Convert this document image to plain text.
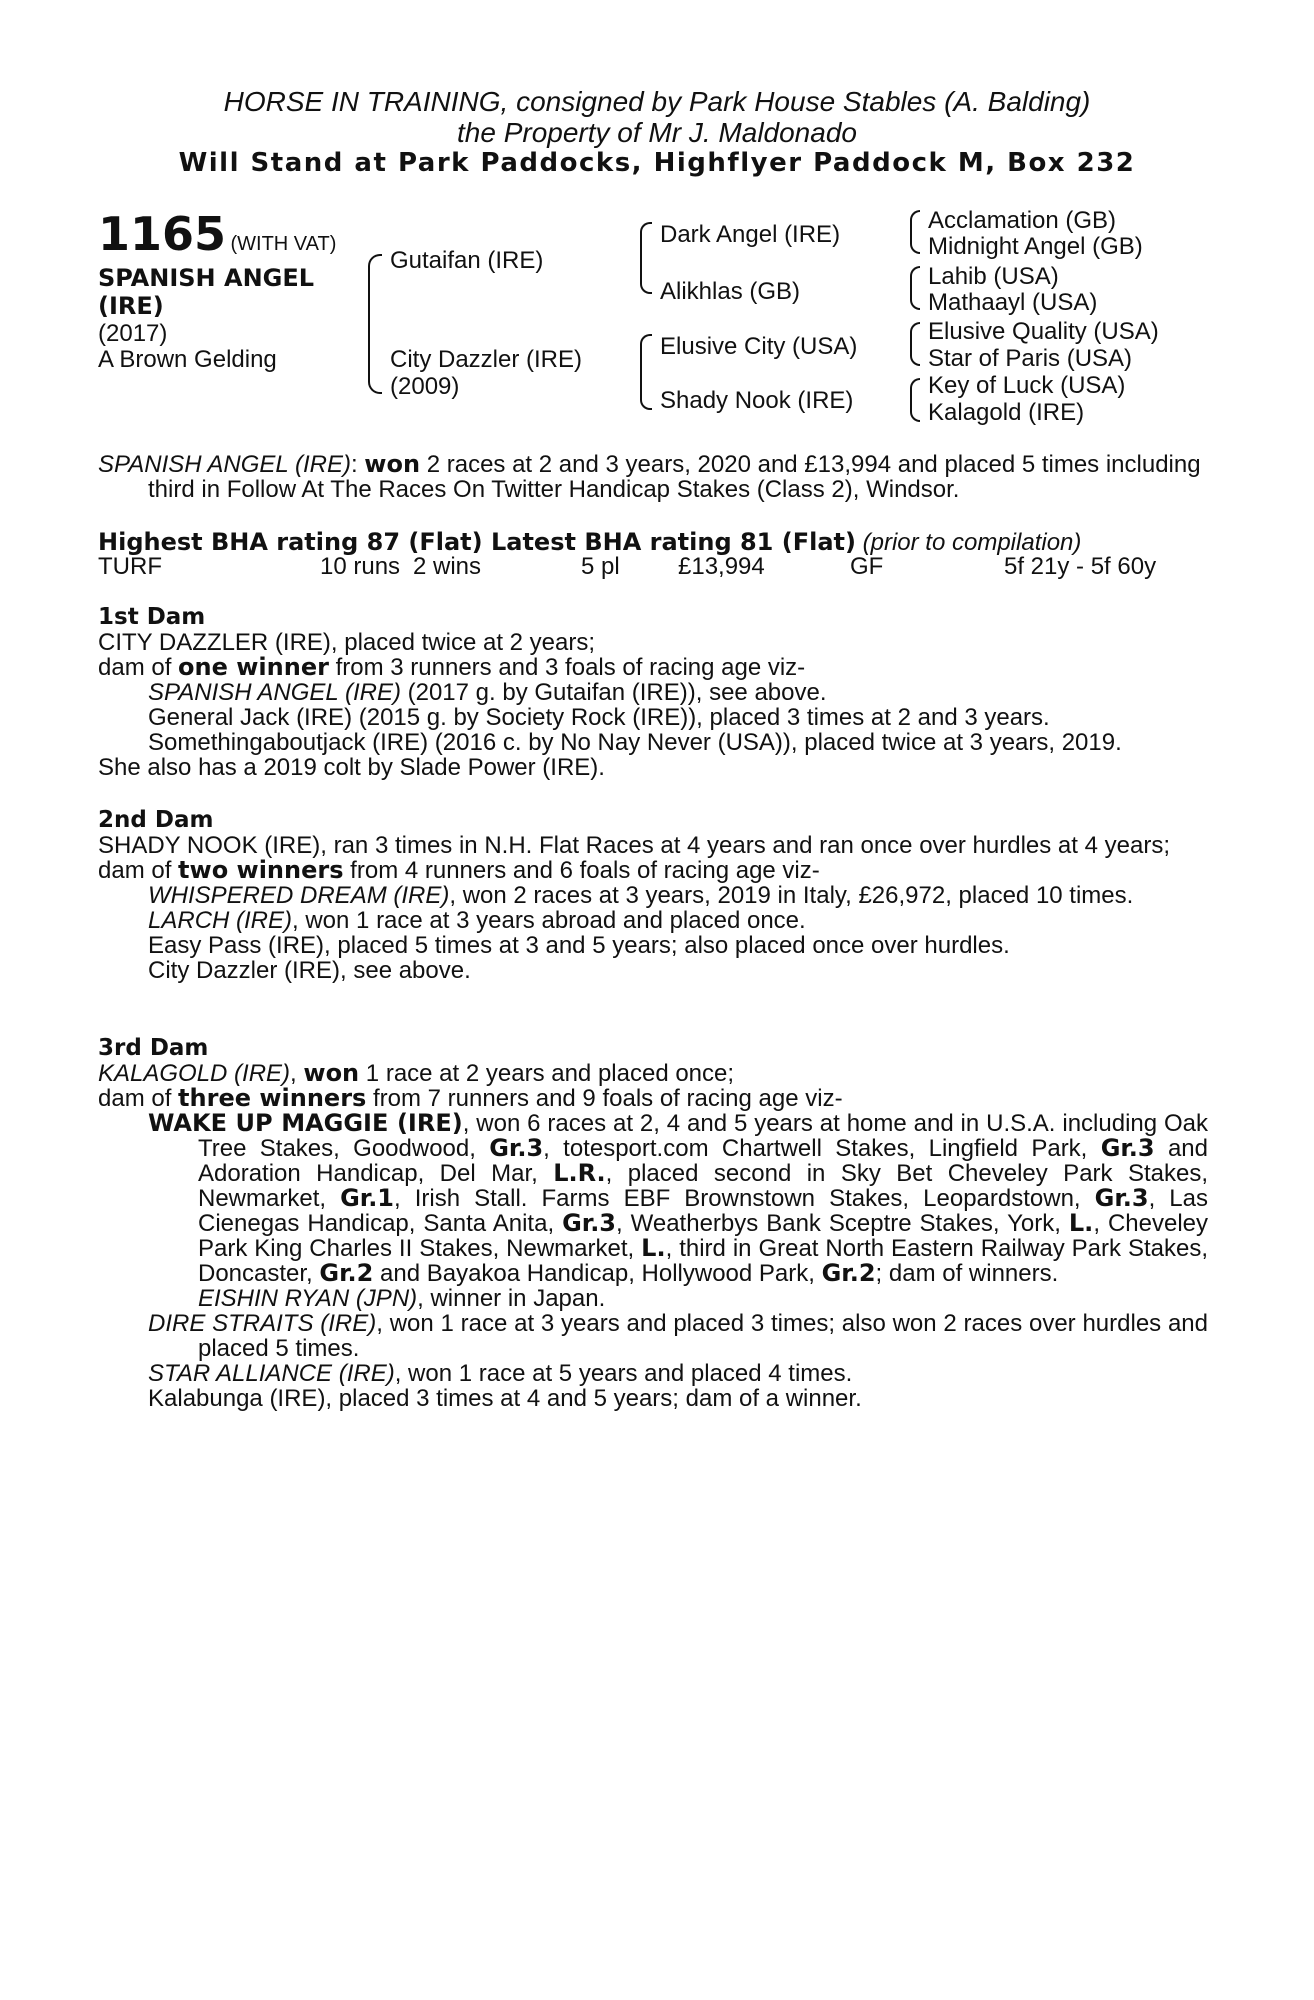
HORSE IN TRAINING, consigned by Park House Stables (A. Balding)
the Property of Mr J. Maldonado
Will Stand at Park Paddocks, Highflyer Paddock M, Box 232
1165 (WITH VAT)
SPANISH ANGEL
(IRE)
(2017)
A Brown Gelding
Gutaifan (IRE)
City Dazzler (IRE)
(2009)
Dark Angel (IRE)
Alikhlas (GB)
Elusive City (USA)
Shady Nook (IRE)
Acclamation (GB)
Midnight Angel (GB)
Lahib (USA)
Mathaayl (USA)
Elusive Quality (USA)
Star of Paris (USA)
Key of Luck (USA)
Kalagold (IRE)

SPANISH ANGEL (IRE): won 2 races at 2 and 3 years, 2020 and £13,994 and placed 5 times including third in Follow At The Races On Twitter Handicap Stakes (Class 2), Windsor.

Highest BHA rating 87 (Flat) Latest BHA rating 81 (Flat) (prior to compilation)
TURF	10 runs 2 wins	5 pl £13,994	GF	5f 21y - 5f 60y

1st Dam

CITY DAZZLER (IRE), placed twice at 2 years;

dam of one winner from 3 runners and 3 foals of racing age viz-

SPANISH ANGEL (IRE) (2017 g. by Gutaifan (IRE)), see above.

General Jack (IRE) (2015 g. by Society Rock (IRE)), placed 3 times at 2 and 3 years.

Somethingaboutjack (IRE) (2016 c. by No Nay Never (USA)), placed twice at 3 years, 2019.

She also has a 2019 colt by Slade Power (IRE).

2nd Dam

SHADY NOOK (IRE), ran 3 times in N.H. Flat Races at 4 years and ran once over hurdles at 4 years;

dam of two winners from 4 runners and 6 foals of racing age viz-

WHISPERED DREAM (IRE), won 2 races at 3 years, 2019 in Italy, £26,972, placed 10 times.

LARCH (IRE), won 1 race at 3 years abroad and placed once.

Easy Pass (IRE), placed 5 times at 3 and 5 years; also placed once over hurdles.

City Dazzler (IRE), see above.

3rd Dam

KALAGOLD (IRE), won 1 race at 2 years and placed once;

dam of three winners from 7 runners and 9 foals of racing age viz-

WAKE UP MAGGIE (IRE), won 6 races at 2, 4 and 5 years at home and in U.S.A. including Oak Tree Stakes, Goodwood, Gr.3, totesport.com Chartwell Stakes, Lingfield Park, Gr.3 and Adoration Handicap, Del Mar, L.R., placed second in Sky Bet Cheveley Park Stakes, Newmarket, Gr.1, Irish Stall. Farms EBF Brownstown Stakes, Leopardstown, Gr.3, Las Cienegas Handicap, Santa Anita, Gr.3, Weatherbys Bank Sceptre Stakes, York, L., Cheveley Park King Charles II Stakes, Newmarket, L., third in Great North Eastern Railway Park Stakes, Doncaster, Gr.2 and Bayakoa Handicap, Hollywood Park, Gr.2; dam of winners.

EISHIN RYAN (JPN), winner in Japan.

DIRE STRAITS (IRE), won 1 race at 3 years and placed 3 times; also won 2 races over hurdles and placed 5 times.

STAR ALLIANCE (IRE), won 1 race at 5 years and placed 4 times.

Kalabunga (IRE), placed 3 times at 4 and 5 years; dam of a winner.
